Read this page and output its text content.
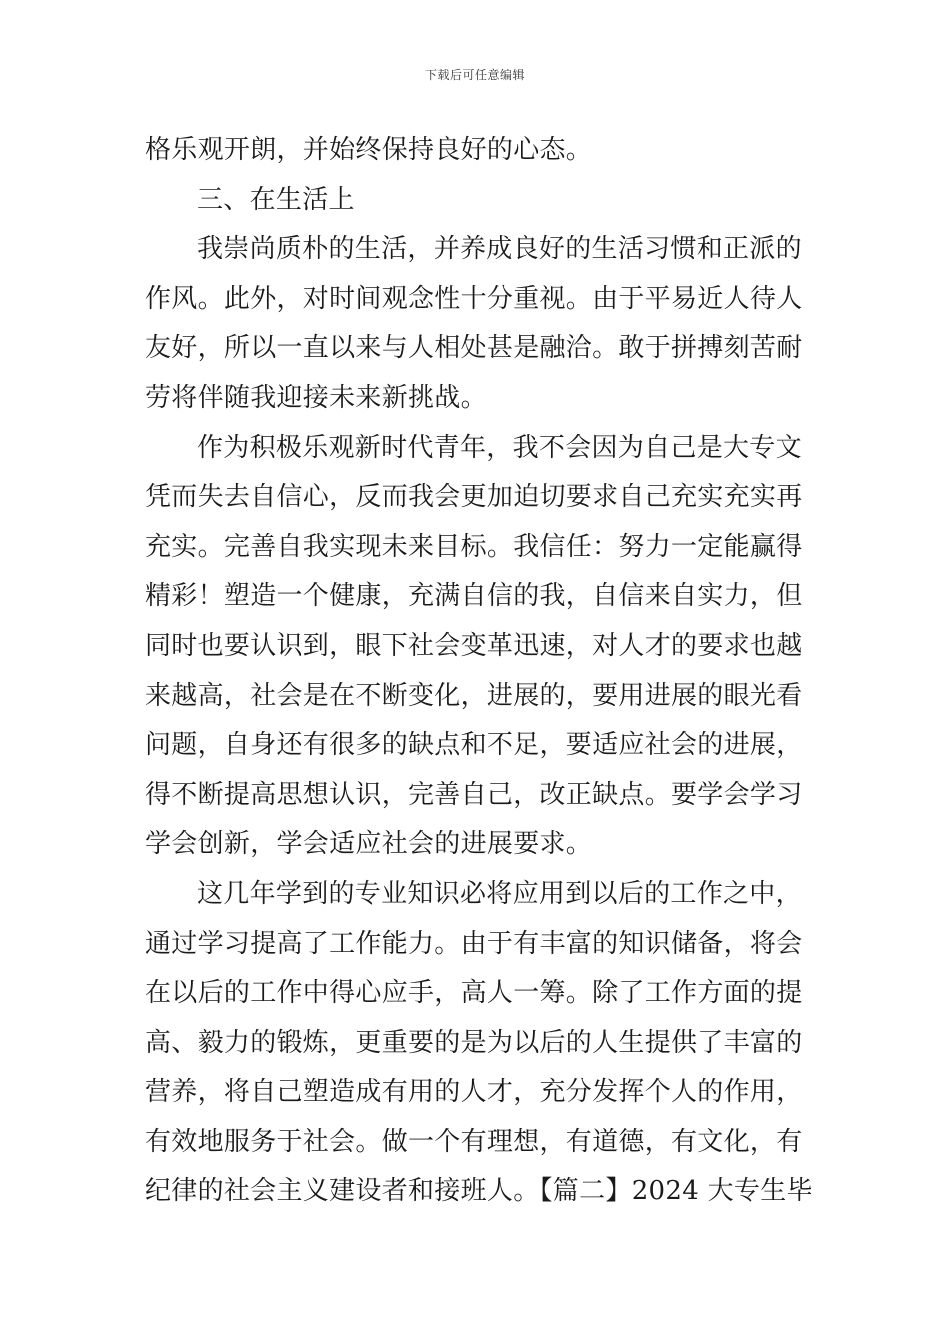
下载后可任意编辑
格乐观开朗，并始终保持良好的心态。
三、在生活上
我崇尚质朴的生活，并养成良好的生活习惯和正派的
作风。此外，对时间观念性十分重视。由于平易近人待人
友好，所以一直以来与人相处甚是融洽。敢于拼搏刻苦耐
劳将伴随我迎接未来新挑战。
作为积极乐观新时代青年，我不会因为自己是大专文
凭而失去自信心，反而我会更加迫切要求自己充实充实再
充实。完善自我实现未来目标。我信任：努力一定能赢得
精彩！塑造一个健康，充满自信的我，自信来自实力，但
同时也要认识到，眼下社会变革迅速，对人才的要求也越
来越高，社会是在不断变化，进展的，要用进展的眼光看
问题，自身还有很多的缺点和不足，要适应社会的进展，
得不断提高思想认识，完善自己，改正缺点。要学会学习
学会创新，学会适应社会的进展要求。
这几年学到的专业知识必将应用到以后的工作之中，
通过学习提高了工作能力。由于有丰富的知识储备，将会
在以后的工作中得心应手，高人一筹。除了工作方面的提
高、毅力的锻炼，更重要的是为以后的人生提供了丰富的
营养，将自己塑造成有用的人才，充分发挥个人的作用，
有效地服务于社会。做一个有理想，有道德，有文化，有
纪律的社会主义建设者和接班人。【篇二】2024 大专生毕
